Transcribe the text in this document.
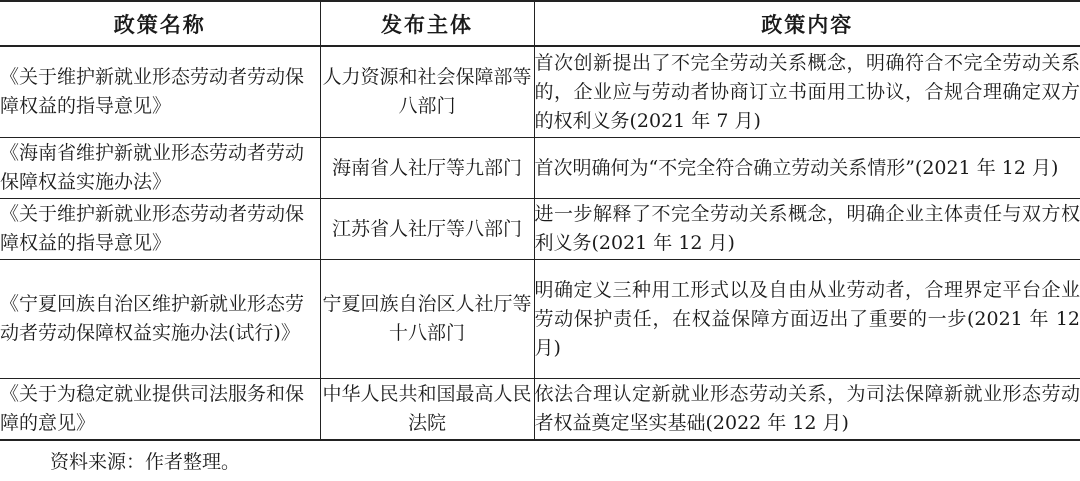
政策名称	发布主体	政策内容
《关于维护新就业形态劳动者劳动保障权益的指导意见》	人力资源和社会保障部等八部门	首次创新提出了不完全劳动关系概念，明确符合不完全劳动关系的，企业应与劳动者协商订立书面用工协议，合规合理确定双方的权利义务(2021 年 7 月)
《海南省维护新就业形态劳动者劳动保障权益实施办法》	海南省人社厅等九部门	首次明确何为“不完全符合确立劳动关系情形”(2021 年 12 月)
《关于维护新就业形态劳动者劳动保障权益的指导意见》	江苏省人社厅等八部门	进一步解释了不完全劳动关系概念，明确企业主体责任与双方权利义务(2021 年 12 月)
《宁夏回族自治区维护新就业形态劳动者劳动保障权益实施办法(试行)》	宁夏回族自治区人社厅等十八部门	明确定义三种用工形式以及自由从业劳动者，合理界定平台企业劳动保护责任，在权益保障方面迈出了重要的一步(2021 年 12 月)
《关于为稳定就业提供司法服务和保障的意见》	中华人民共和国最高人民法院	依法合理认定新就业形态劳动关系，为司法保障新就业形态劳动者权益奠定坚实基础(2022 年 12 月)
资料来源：作者整理。
